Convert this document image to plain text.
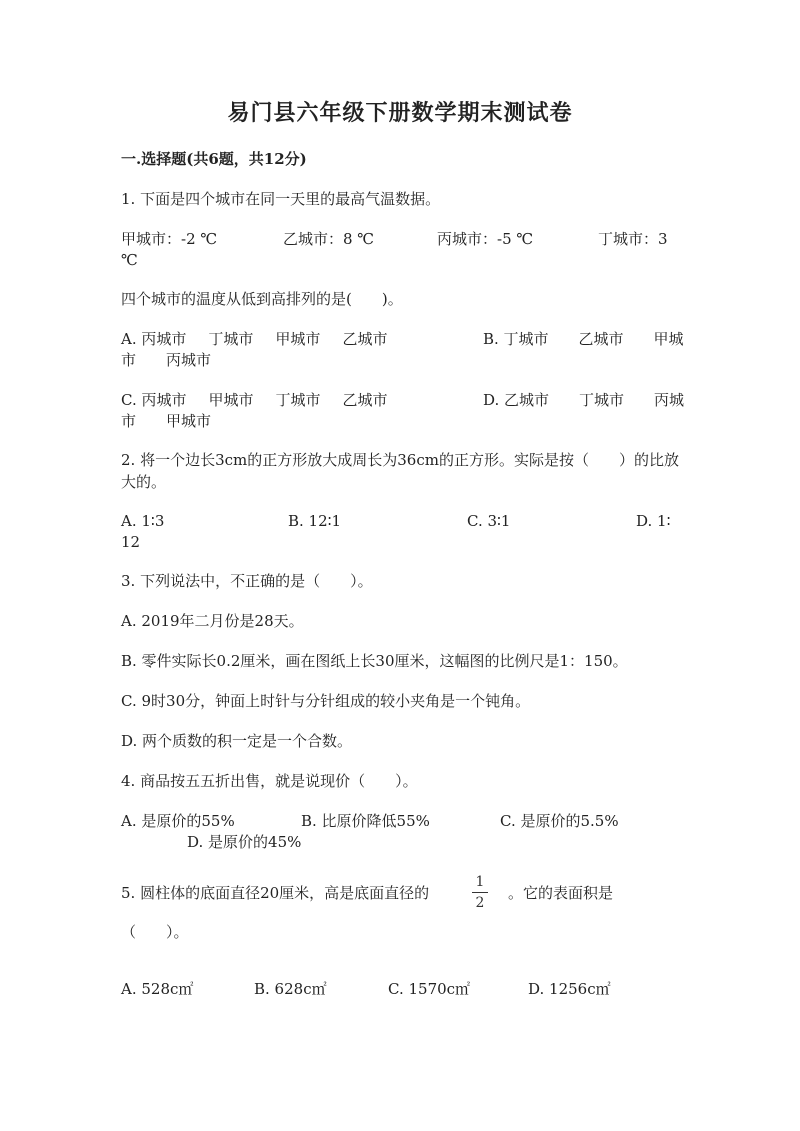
易门县六年级下册数学期末测试卷
一.选择题(共6题，共12分)
1. 下面是四个城市在同一天里的最高气温数据。
甲城市：-2 ℃	乙城市：8 ℃	丙城市：-5 ℃	丁城市：3
℃
四个城市的温度从低到高排列的是(　　)。
A. 丙城市 丁城市 甲城市 乙城市	B. 丁城市　　乙城市　　甲城
市　　丙城市
C. 丙城市 甲城市 丁城市 乙城市	D. 乙城市　　丁城市　　丙城
市　　甲城市
2. 将一个边长3cm的正方形放大成周长为36cm的正方形。实际是按（　　）的比放大的。
A. 1∶3	B. 12∶1	C. 3∶1	D. 1∶
12
3. 下列说法中，不正确的是（　　）。
A. 2019年二月份是28天。
B. 零件实际长0.2厘米，画在图纸上长30厘米，这幅图的比例尺是1：150。
C. 9时30分，钟面上时针与分针组成的较小夹角是一个钝角。
D. 两个质数的积一定是一个合数。
4. 商品按五五折出售，就是说现价（　　）。
A. 是原价的55%	B. 比原价降低55%	C. 是原价的5.5%
D. 是原价的45%
5. 圆柱体的底面直径20厘米，高是底面直径的
1
2
。它的表面积是
（　　）。
A. 528c㎡	B. 628c㎡	C. 1570c㎡	D. 1256c㎡
